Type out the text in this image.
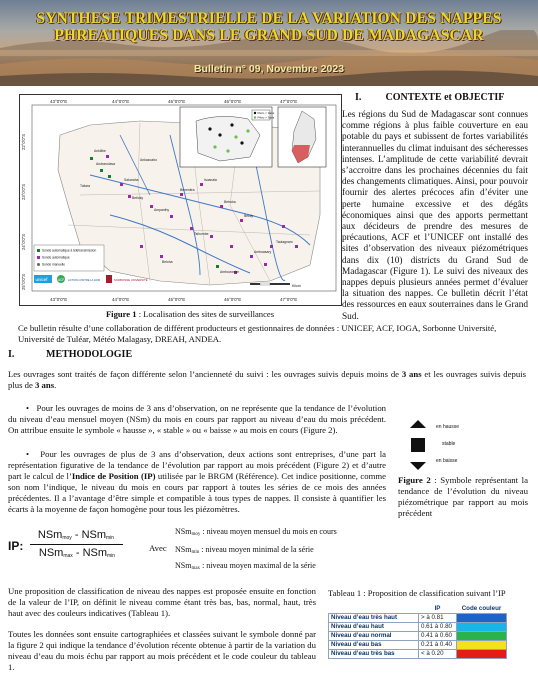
SYNTHESE TRIMESTRIELLE DE LA VARIATION DES NAPPES
PHREATIQUES DANS LE GRAND SUD DE MADAGASCAR
Bulletin n° 09, Novembre 2023
43°0'0"E	44°0'0"E	45°0'0"E	46°0'0"E	47°0'0"E
43°0'0"E	44°0'0"E	45°0'0"E	46°0'0"E	47°0'0"E
22°0'0"S
23°0'0"S
24°0'0"S
25°0'0"S
Pézo < 3ans
Pézo > 3ans
Ankilibe
Andranolava
Betioky
Ampanihy
Beloha
Tsihombe
Ambovombe
Amboasary
Taolagnaro
Bekily
Isoanala
Betroka
Toliara
Sakaraha
Ankazoabo
Benenitra
Sonde automatique à télétransmission
Sonde automatique
Sonde manuelle
Kilom
unicef	ACF ACTION CONTRE LA FAIM	SORBONNE UNIVERSITÉ
Figure 1 : Localisation des sites de surveillances
I. CONTEXTE et OBJECTIF
Les régions du Sud de Madagascar sont connues comme régions à plus faible couverture en eau potable du pays et subissent de fortes variabilités interannuelles du climat induisant des sécheresses intenses. L’amplitude de cette variabilité devrait s’accroitre dans les prochaines décennies du fait des changements climatiques. Ainsi, pour pouvoir fournir des alertes précoces afin d’éviter une perte humaine excessive et des dégâts économiques ainsi que des apports permettant aux décideurs de prendre des mesures de précautions, ACF et l’UNICEF ont installé des sites d’observation des niveaux piézométriques dans dix (10) districts du Grand Sud de Madagascar (Figure 1). Le suivi des niveaux des nappes depuis plusieurs années permet d’évaluer la situation des nappes. Ce bulletin décrit l’état des ressources en eaux souterraines dans le Grand Sud.
Ce bulletin résulte d’une collaboration de différent producteurs et gestionnaires de données : UNICEF, ACF, IOGA, Sorbonne Université, Université de Tuléar, Météo Malagasy, DREAH, ANDEA.
I.	METHODOLOGIE
Les ouvrages sont traités de façon différente selon l’ancienneté du suivi : les ouvrages suivis depuis moins de 3 ans et les ouvrages suivis depuis plus de 3 ans.
•   Pour les ouvrages de moins de 3 ans d’observation, on ne représente que la tendance de l’évolution du niveau d’eau mensuel moyen (NSm) du mois en cours par rapport au niveau d’eau du mois précédent. On attribue ensuite le symbole « hausse », « stable » ou « baisse » au mois en cours (Figure 2).
•   Pour les ouvrages de plus de 3 ans d’observation, deux actions sont entreprises, d’une part la représentation figurative de la tendance de l’évolution par rapport au mois précédent (Figure 2) et d’autre part le calcul de l’Indice de Position (IP) utilisée par le BRGM (Référence). Cet indice positionne, comme son nom l’indique, le niveau du mois en cours par rapport à toutes les séries de ce mois des années précédentes. Il a l’avantage d’être simple et compatible à tous types de nappes. Il consiste à quantifier les écarts à la moyenne de façon homogène pour tous les piézomètres.
en hausse
stable
en baisse
Figure 2 : Symbole représentant la tendance de l’évolution du niveau piézométrique par rapport au mois précédent
IP:
NSm$_{moy}$ - NSm$_{min}$
NSm$_{max}$ - NSm$_{min}$
Avec
NSm$_{moy}$ : niveau moyen mensuel du mois en cours
NSm$_{min}$ : niveau moyen minimal de la série
NSm$_{max}$ : niveau moyen maximal de la série
Une proposition de classification de niveau des nappes est proposée ensuite en fonction de la valeur de l’IP, on définit le niveau comme étant très bas, bas, normal, haut, très haut avec des couleurs indicatives (Tableau 1).
Toutes les données sont ensuite cartographiées et classées suivant le symbole donné par la figure 2 qui indique la tendance d’évolution récente obtenue à partir de la variation du niveau d’eau du mois échu par rapport au mois précédent et le code couleur du tableau 1.
Tableau 1 : Proposition de classification suivant l’IP
	IP	Code couleur
Niveau d’eau très haut	> à 0.81	
Niveau d’eau haut	0.61 à 0.80	
Niveau d’eau normal	0.41 à 0.60	
Niveau d’eau bas	0.21 à 0.40	
Niveau d’eau très bas	< à 0.20	
